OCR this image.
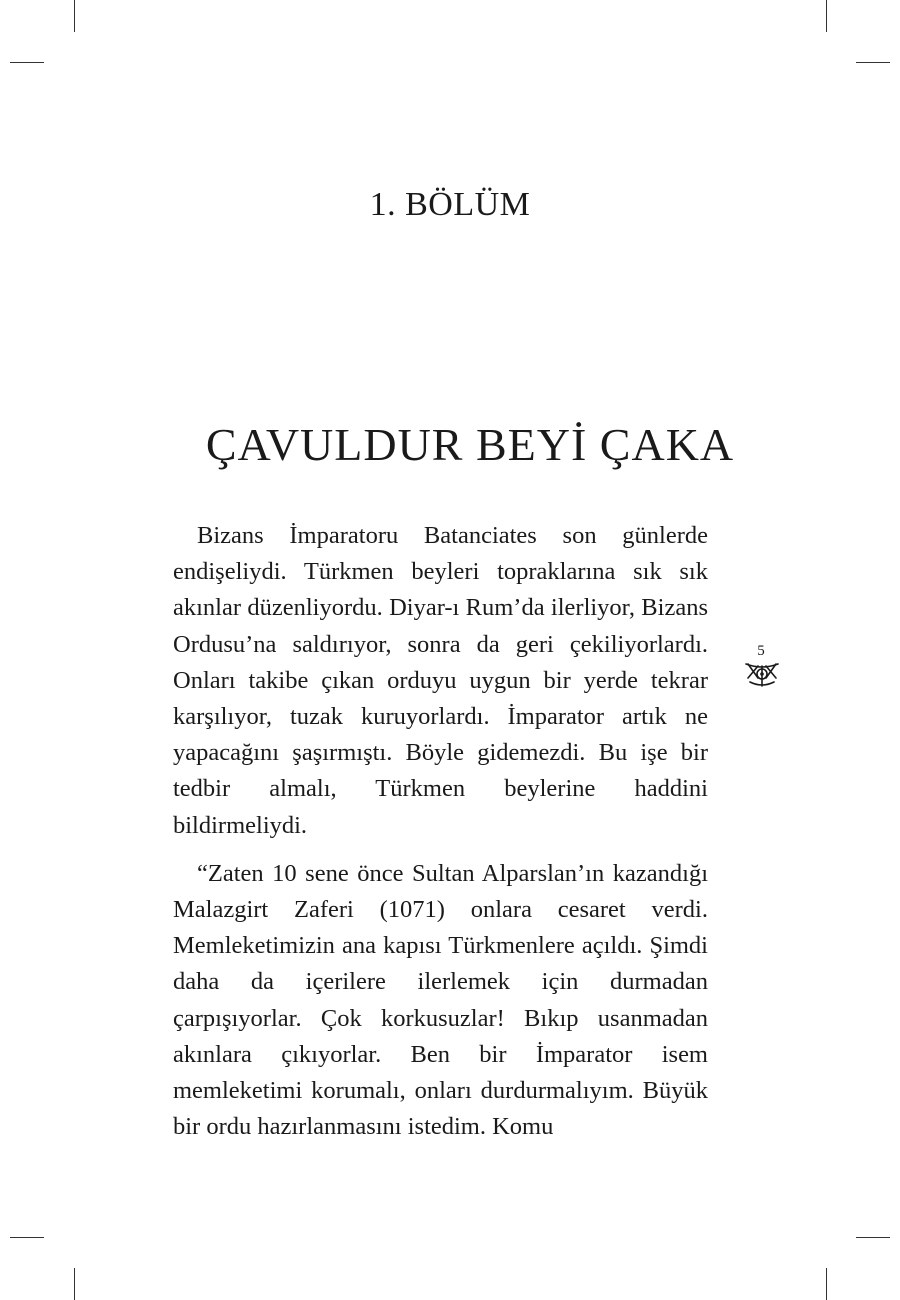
1. BÖLÜM
ÇAVULDUR BEYİ ÇAKA

Bizans İmparatoru Batanciates son günlerde endişeliydi. Türkmen beyleri topraklarına sık sık akınlar düzenliyordu. Diyar-ı Rum’da ilerliyor, Bizans Ordusu’na saldırıyor, sonra da geri çekiliyorlardı. Onları takibe çıkan orduyu uygun bir yerde tekrar karşılıyor, tuzak kuruyorlardı. İmparator artık ne yapacağını şaşırmıştı. Böyle gidemezdi. Bu işe bir tedbir almalı, Türkmen beylerine haddini bildirmeliydi.

“Zaten 10 sene önce Sultan Alparslan’ın kazandığı Malazgirt Zaferi (1071) onlara cesaret verdi. Memleketimizin ana kapısı Türkmenlere açıldı. Şimdi daha da içerilere ilerlemek için durmadan çarpışıyorlar. Çok korkusuzlar! Bıkıp usanmadan akınlara çıkıyorlar. Ben bir İmparator isem memleketimi korumalı, onları durdurmalıyım. Büyük bir ordu hazırlanmasını istedim. Komu

5
